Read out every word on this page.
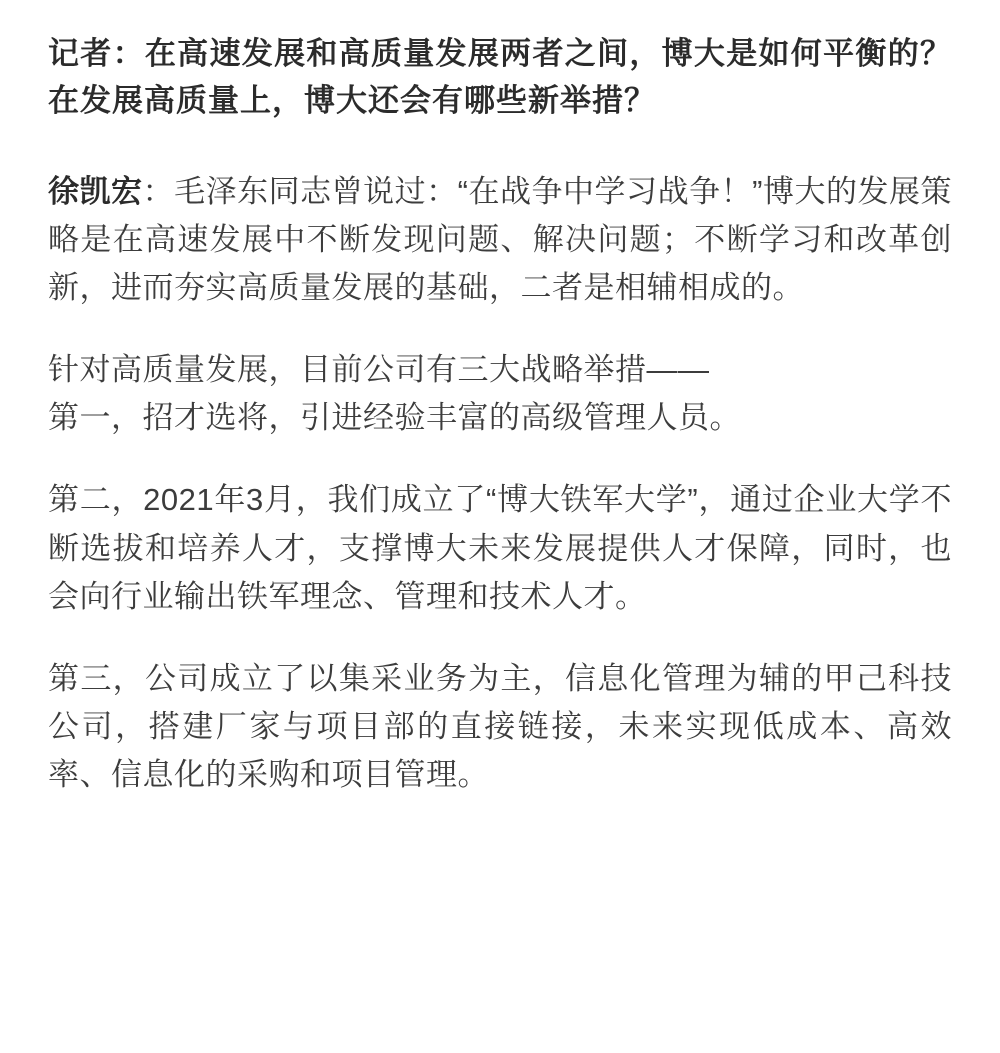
记者：在高速发展和高质量发展两者之间，博大是如何平衡的？在发展高质量上，博大还会有哪些新举措？

徐凯宏：毛泽东同志曾说过：“在战争中学习战争！”博大的发展策略是在高速发展中不断发现问题、解决问题；不断学习和改革创新，进而夯实高质量发展的基础，二者是相辅相成的。

针对高质量发展，目前公司有三大战略举措——
第一，招才选将，引进经验丰富的高级管理人员。

第二，2021年3月，我们成立了“博大铁军大学”，通过企业大学不断选拔和培养人才，支撑博大未来发展提供人才保障，同时，也会向行业输出铁军理念、管理和技术人才。

第三，公司成立了以集采业务为主，信息化管理为辅的甲己科技公司，搭建厂家与项目部的直接链接，未来实现低成本、高效率、信息化的采购和项目管理。
